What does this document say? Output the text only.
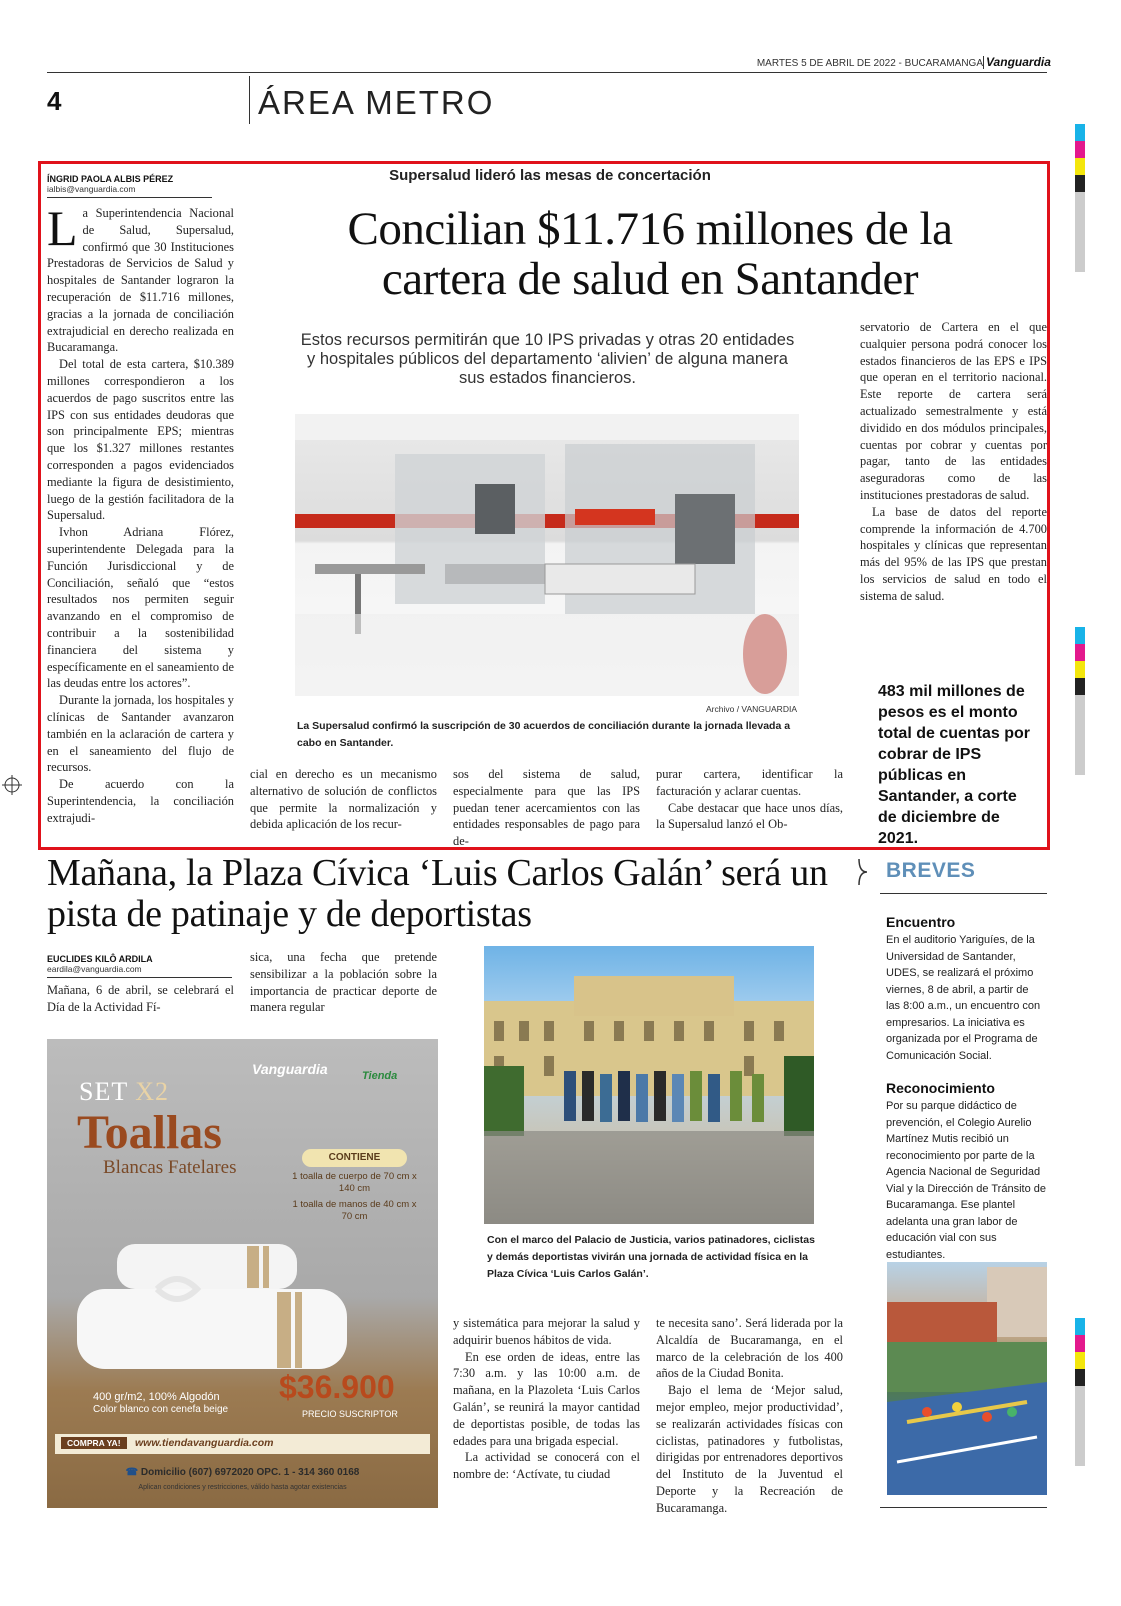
MARTES 5 DE ABRIL DE 2022 - BUCARAMANGA Vanguardia
4	ÁREA METRO
ÍNGRID PAOLA ALBIS PÉREZ
ialbis@vanguardia.com
Supersalud lideró las mesas de concertación
Concilian $11.716 millones de la cartera de salud en Santander
Estos recursos permitirán que 10 IPS privadas y otras 20 entidades y hospitales públicos del departamento ‘alivien’ de alguna manera sus estados financieros.

La Superintendencia Nacional de Salud, Supersalud, confirmó que 30 Instituciones Prestadoras de Servicios de Salud y hospitales de Santander lograron la recuperación de $11.716 millones, gracias a la jornada de conciliación extrajudicial en derecho realizada en Bucaramanga.

Del total de esta cartera, $10.389 millones correspondieron a los acuerdos de pago suscritos entre las IPS con sus entidades deudoras que son principalmente EPS; mientras que los $1.327 millones restantes corresponden a pagos evidenciados mediante la figura de desistimiento, luego de la gestión facilitadora de la Supersalud.

Ivhon Adriana Flórez, superintendente Delegada para la Función Jurisdiccional y de Conciliación, señaló que “estos resultados nos permiten seguir avanzando en el compromiso de contribuir a la sostenibilidad financiera del sistema y específicamente en el saneamiento de las deudas entre los actores”.

Durante la jornada, los hospitales y clínicas de Santander avanzaron también en la aclaración de cartera y en el saneamiento del flujo de recursos.

De acuerdo con la Superintendencia, la conciliación extrajudi-

Archivo / VANGUARDIA
La Supersalud confirmó la suscripción de 30 acuerdos de conciliación durante la jornada llevada a cabo en Santander.

cial en derecho es un mecanismo alternativo de solución de conflictos que permite la normalización y debida aplicación de los recur-

sos del sistema de salud, especialmente para que las IPS puedan tener acercamientos con las entidades responsables de pago para de-

purar cartera, identificar la facturación y aclarar cuentas.

Cabe destacar que hace unos días, la Supersalud lanzó el Ob-

servatorio de Cartera en el que cualquier persona podrá conocer los estados financieros de las EPS e IPS que operan en el territorio nacional. Este reporte de cartera será actualizado semestralmente y está dividido en dos módulos principales, cuentas por cobrar y cuentas por pagar, tanto de las entidades aseguradoras como de las instituciones prestadoras de salud.

La base de datos del reporte comprende la información de 4.700 hospitales y clínicas que representan más del 95% de las IPS que prestan los servicios de salud en todo el sistema de salud.

483 mil millones de pesos es el monto total de cuentas por cobrar de IPS públicas en Santander, a corte de diciembre de 2021.
Mañana, la Plaza Cívica ‘Luis Carlos Galán’ será un pista de patinaje y de deportistas
EUCLIDES KILÔ ARDILA
eardila@vanguardia.com

Mañana, 6 de abril, se celebrará el Día de la Actividad Fí-

sica, una fecha que pretende sensibilizar a la población sobre la importancia de practicar deporte de manera regular

Con el marco del Palacio de Justicia, varios patinadores, ciclistas y demás deportistas vivirán una jornada de actividad física en la Plaza Cívica ‘Luis Carlos Galán’.

y sistemática para mejorar la salud y adquirir buenos hábitos de vida.

En ese orden de ideas, entre las 7:30 a.m. y las 10:00 a.m. de mañana, en la Plazoleta ‘Luis Carlos Galán’, se reunirá la mayor cantidad de deportistas posible, de todas las edades para una brigada especial.

La actividad se conocerá con el nombre de: ‘Actívate, tu ciudad

te necesita sano’. Será liderada por la Alcaldía de Bucaramanga, en el marco de la celebración de los 400 años de la Ciudad Bonita.

Bajo el lema de ‘Mejor salud, mejor empleo, mejor productividad’, se realizarán actividades físicas con ciclistas, patinadores y futbolistas, dirigidas por entrenadores deportivos del Instituto de la Juventud el Deporte y la Recreación de Bucaramanga.

Vanguardia	Tienda
SET X2
Toallas
Blancas Fatelares	CONTIENE
1 toalla de cuerpo de 70 cm x 140 cm
1 toalla de manos de 40 cm x 70 cm
400 gr/m2, 100% Algodón
Color blanco con cenefa beige
$36.900
PRECIO SUSCRIPTOR
COMPRA YA!	www.tiendavanguardia.com
☎ Domicilio (607) 6972020 OPC. 1 - 314 360 0168
Aplican condiciones y restricciones, válido hasta agotar existencias
BREVES
Encuentro
En el auditorio Yariguíes, de la Universidad de Santander, UDES, se realizará el próximo viernes, 8 de abril, a partir de las 8:00 a.m., un encuentro con empresarios. La iniciativa es organizada por el Programa de Comunicación Social.
Reconocimiento
Por su parque didáctico de prevención, el Colegio Aurelio Martínez Mutis recibió un reconocimiento por parte de la Agencia Nacional de Seguridad Vial y la Dirección de Tránsito de Bucaramanga. Ese plantel adelanta una gran labor de educación vial con sus estudiantes.
